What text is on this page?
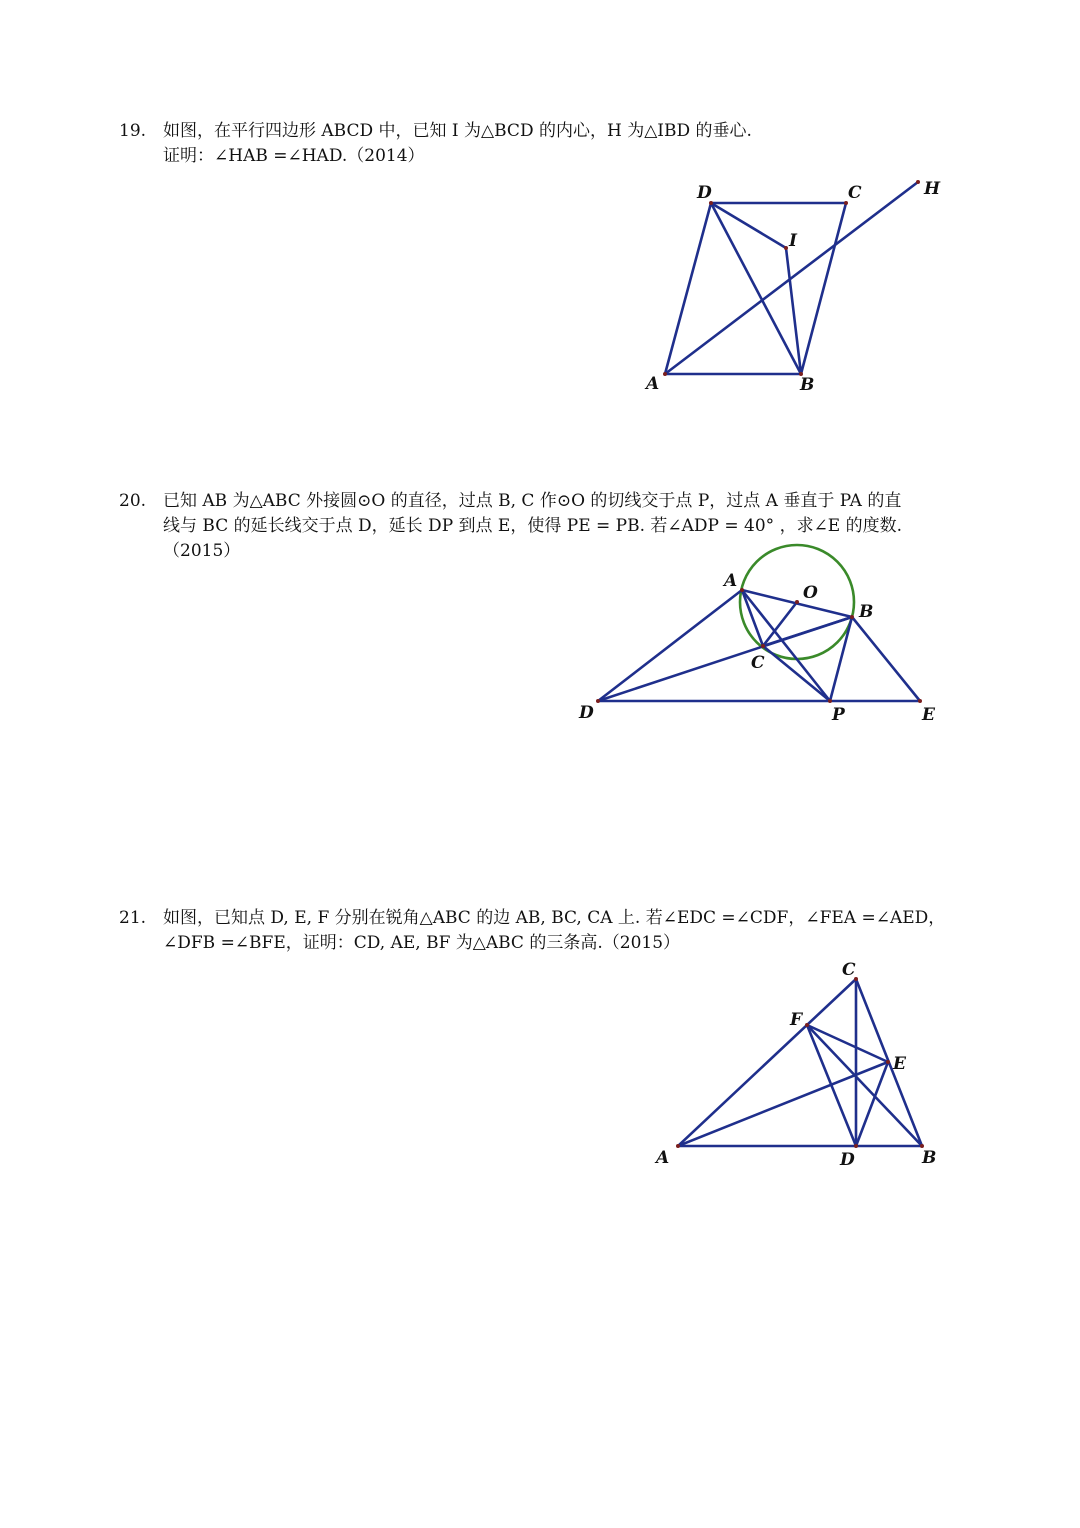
19. 如图，在平行四边形 ABCD 中，已知 I 为△BCD 的内心，H 为△IBD 的垂心.
证明：∠HAB =∠HAD.（2014）
D	C
I
H
A	B
A
O
B
C
D	P	E
C
F
E
A	D	B
20. 已知 AB 为△ABC 外接圆⊙O 的直径，过点 B, C 作⊙O 的切线交于点 P，过点 A 垂直于 PA 的直
线与 BC 的延长线交于点 D，延长 DP 到点 E，使得 PE = PB. 若∠ADP = 40° ，求∠E 的度数.
（2015）
21. 如图，已知点 D, E, F 分别在锐角△ABC 的边 AB, BC, CA 上. 若∠EDC =∠CDF，∠FEA =∠AED，
∠DFB =∠BFE，证明：CD, AE, BF 为△ABC 的三条高.（2015）
